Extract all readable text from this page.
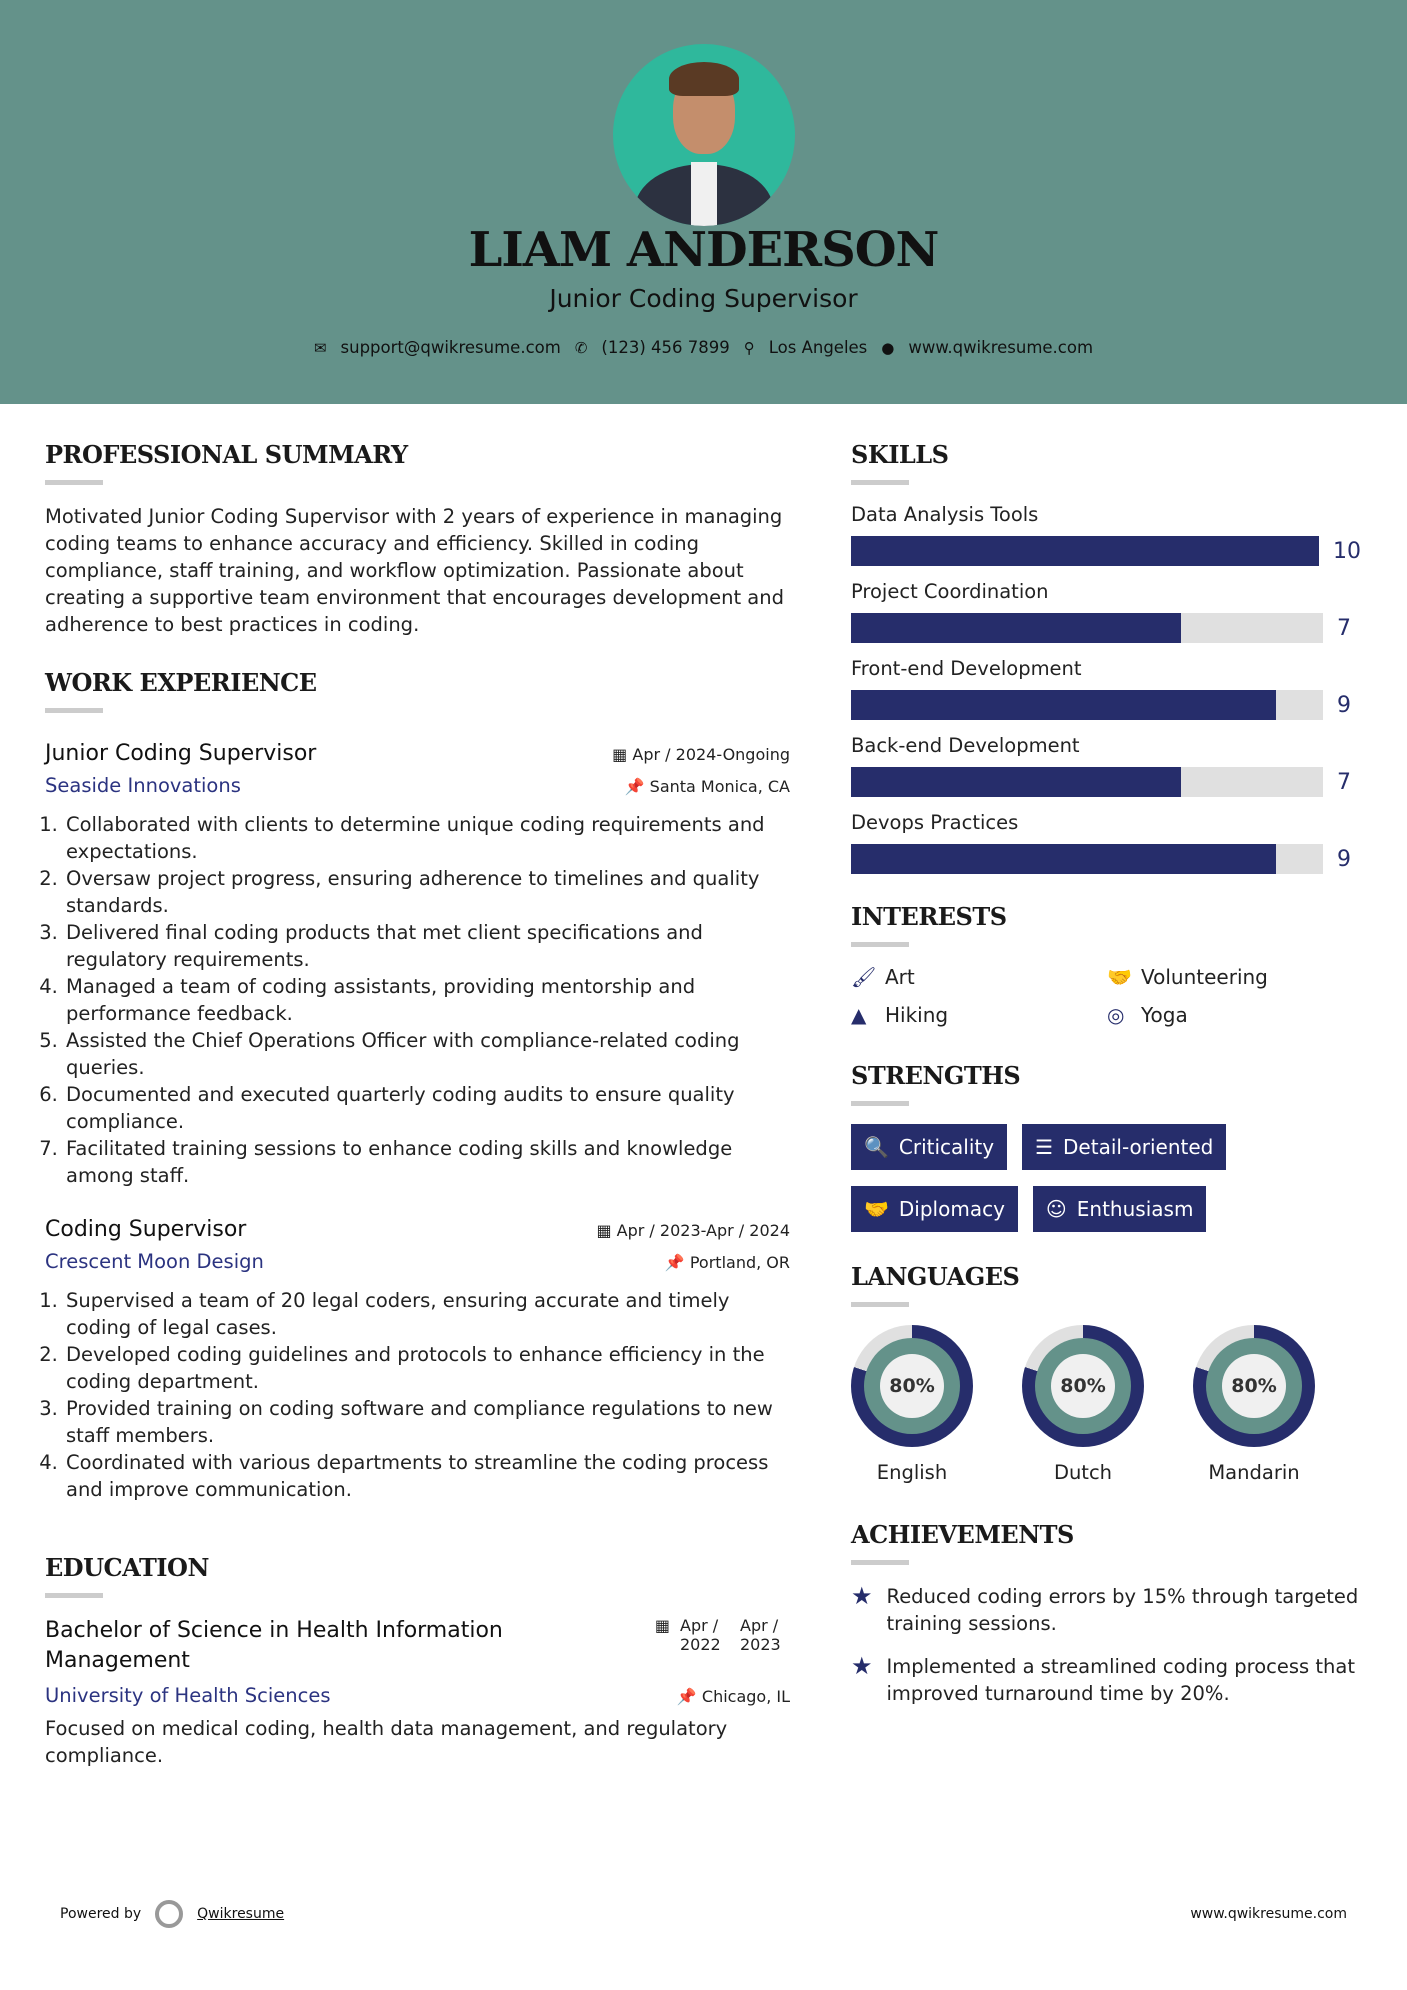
LIAM ANDERSON
Junior Coding Supervisor
✉ support@qwikresume.com ✆ (123) 456 7899 ⚲ Los Angeles ● www.qwikresume.com
PROFESSIONAL SUMMARY

Motivated Junior Coding Supervisor with 2 years of experience in managing coding teams to enhance accuracy and efficiency. Skilled in coding compliance, staff training, and workflow optimization. Passionate about creating a supportive team environment that encourages development and adherence to best practices in coding.

WORK EXPERIENCE
Junior Coding Supervisor	▦ Apr / 2024-Ongoing
Seaside Innovations	📌 Santa Monica, CA
1. Collaborated with clients to determine unique coding requirements and expectations.
2. Oversaw project progress, ensuring adherence to timelines and quality standards.
3. Delivered final coding products that met client specifications and regulatory requirements.
4. Managed a team of coding assistants, providing mentorship and performance feedback.
5. Assisted the Chief Operations Officer with compliance-related coding queries.
6. Documented and executed quarterly coding audits to ensure quality compliance.
7. Facilitated training sessions to enhance coding skills and knowledge among staff.
Coding Supervisor	▦ Apr / 2023-Apr / 2024
Crescent Moon Design	📌 Portland, OR
1. Supervised a team of 20 legal coders, ensuring accurate and timely coding of legal cases.
2. Developed coding guidelines and protocols to enhance efficiency in the coding department.
3. Provided training on coding software and compliance regulations to new staff members.
4. Coordinated with various departments to streamline the coding process and improve communication.
EDUCATION
Bachelor of Science in Health Information Management
▦ Apr / 2022
Apr / 2023
University of Health Sciences	📌 Chicago, IL

Focused on medical coding, health data management, and regulatory compliance.

SKILLS
Data Analysis Tools
10
Project Coordination
7
Front-end Development
9
Back-end Development
7
Devops Practices
9
INTERESTS
🖌 Art	🤝 Volunteering
▲ Hiking	◎ Yoga
STRENGTHS
🔍 Criticality ☰ Detail-oriented
🤝 Diplomacy ☺ Enthusiasm
LANGUAGES
80%
English
80%
Dutch
80%
Mandarin
ACHIEVEMENTS
★ Reduced coding errors by 15% through targeted training sessions.
★ Implemented a streamlined coding process that improved turnaround time by 20%.
Powered by	Qwikresume	www.qwikresume.com
